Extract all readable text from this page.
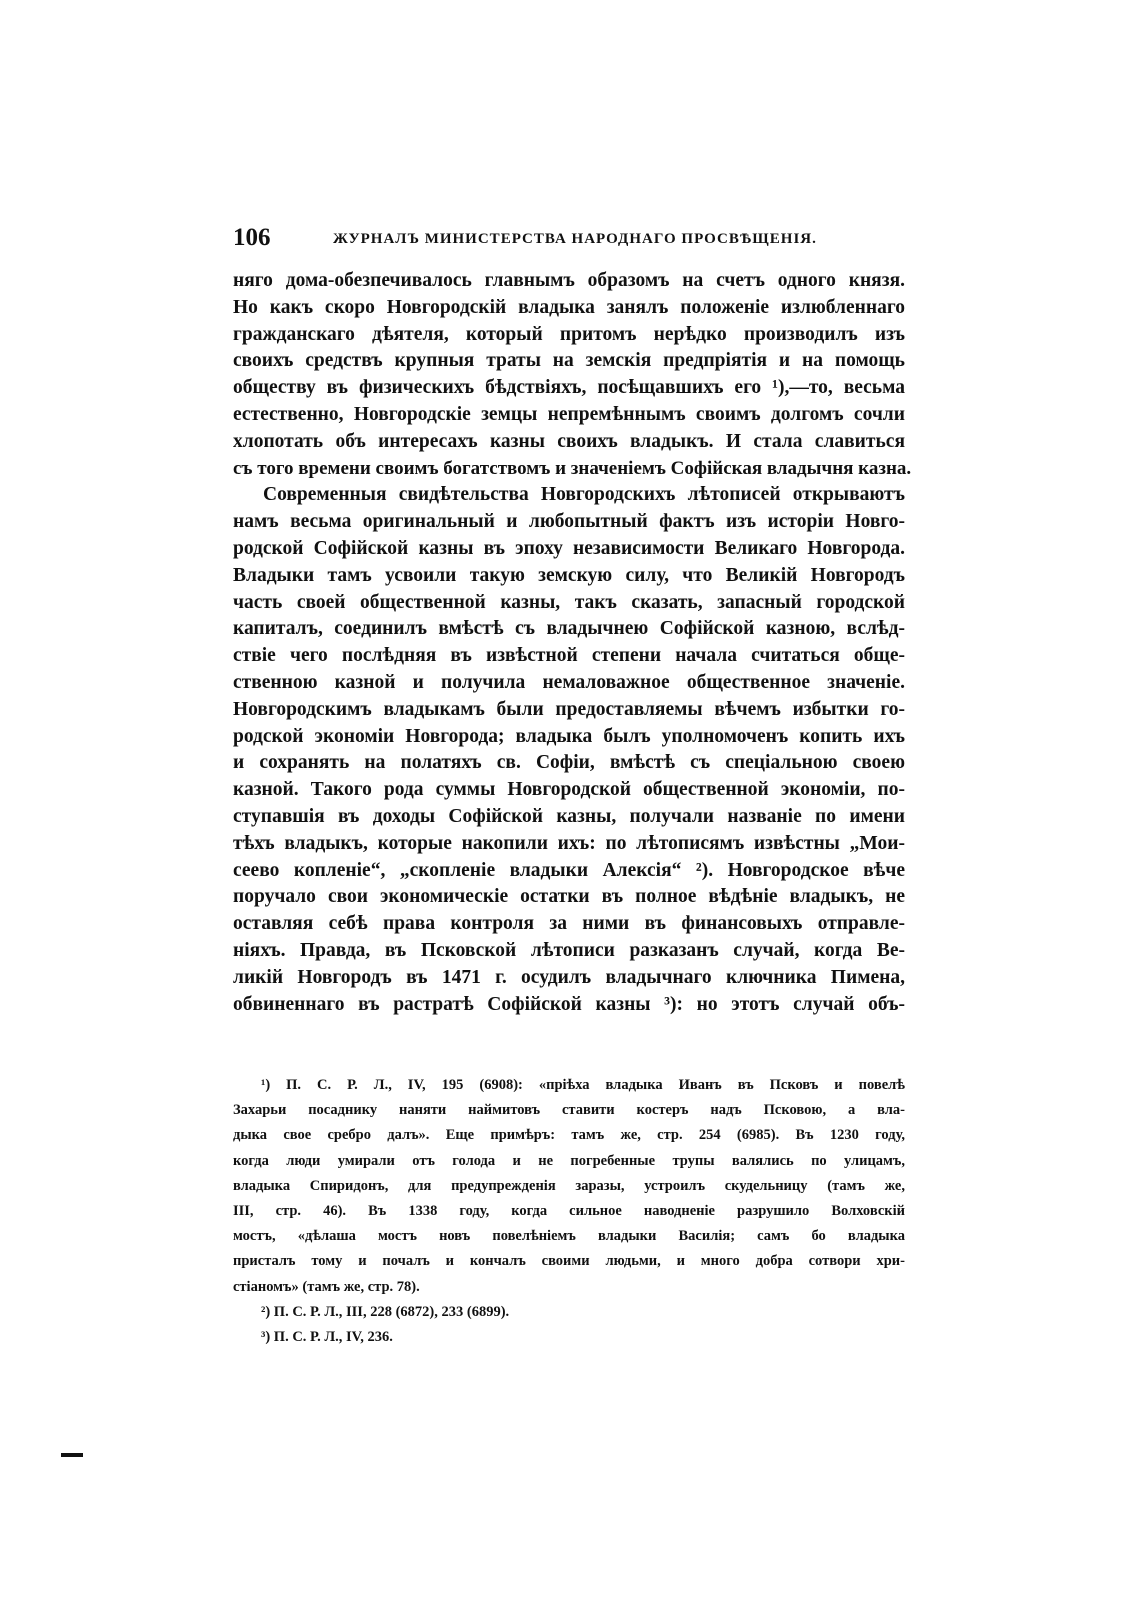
106	ЖУРНАЛЪ МИНИСТЕРСТВА НАРОДНАГО ПРОСВѢЩЕНІЯ.
няго дома-обезпечивалось главнымъ образомъ на счетъ одного князя.
Но какъ скоро Новгородскій владыка занялъ положеніе излюбленнаго
гражданскаго дѣятеля, который притомъ нерѣдко производилъ изъ
своихъ средствъ крупныя траты на земскія предпріятія и на помощь
обществу въ физическихъ бѣдствіяхъ, посѣщавшихъ его ¹),—то, весьма
естественно, Новгородскіе земцы непремѣннымъ своимъ долгомъ сочли
хлопотать объ интересахъ казны своихъ владыкъ. И стала славиться
съ того времени своимъ богатствомъ и значеніемъ Софійская владычня казна.
Современныя свидѣтельства Новгородскихъ лѣтописей открываютъ
намъ весьма оригинальный и любопытный фактъ изъ исторіи Новго-
родской Софійской казны въ эпоху независимости Великаго Новгорода.
Владыки тамъ усвоили такую земскую силу, что Великій Новгородъ
часть своей общественной казны, такъ сказать, запасный городской
капиталъ, соединилъ вмѣстѣ съ владычнею Софійской казною, вслѣд-
ствіе чего послѣдняя въ извѣстной степени начала считаться обще-
ственною казной и получила немаловажное общественное значеніе.
Новгородскимъ владыкамъ были предоставляемы вѣчемъ избытки го-
родской экономіи Новгорода; владыка былъ уполномоченъ копить ихъ
и сохранять на полатяхъ св. Софіи, вмѣстѣ съ спеціальною своею
казной. Такого рода суммы Новгородской общественной экономіи, по-
ступавшія въ доходы Софійской казны, получали названіе по имени
тѣхъ владыкъ, которые накопили ихъ: по лѣтописямъ извѣстны „Мои-
сеево копленіе“, „скопленіе владыки Алексія“ ²). Новгородское вѣче
поручало свои экономическіе остатки въ полное вѣдѣніе владыкъ, не
оставляя себѣ права контроля за ними въ финансовыхъ отправле-
ніяхъ. Правда, въ Псковской лѣтописи разказанъ случай, когда Ве-
ликій Новгородъ въ 1471 г. осудилъ владычнаго ключника Пимена,
обвиненнаго въ растратѣ Софійской казны ³): но этотъ случай объ-
¹) П. С. Р. Л., IV, 195 (6908): «пріѣха владыка Иванъ въ Псковъ и повелѣ
Захарьи посаднику наняти наймитовъ ставити костеръ надъ Псковою, а вла-
дыка свое сребро далъ». Еще примѣръ: тамъ же, стр. 254 (6985). Въ 1230 году,
когда люди умирали отъ голода и не погребенные трупы валялись по улицамъ,
владыка Спиридонъ, для предупрежденія заразы, устроилъ скудельницу (тамъ же,
III, стр. 46). Въ 1338 году, когда сильное наводненіе разрушило Волховскій
мостъ, «дѣлаша мостъ новъ повелѣніемъ владыки Василія; самъ бо владыка
присталъ тому и почалъ и кончалъ своими людьми, и много добра сотвори хри-
стіаномъ» (тамъ же, стр. 78).
²) П. С. Р. Л., III, 228 (6872), 233 (6899).
³) П. С. Р. Л., IV, 236.
